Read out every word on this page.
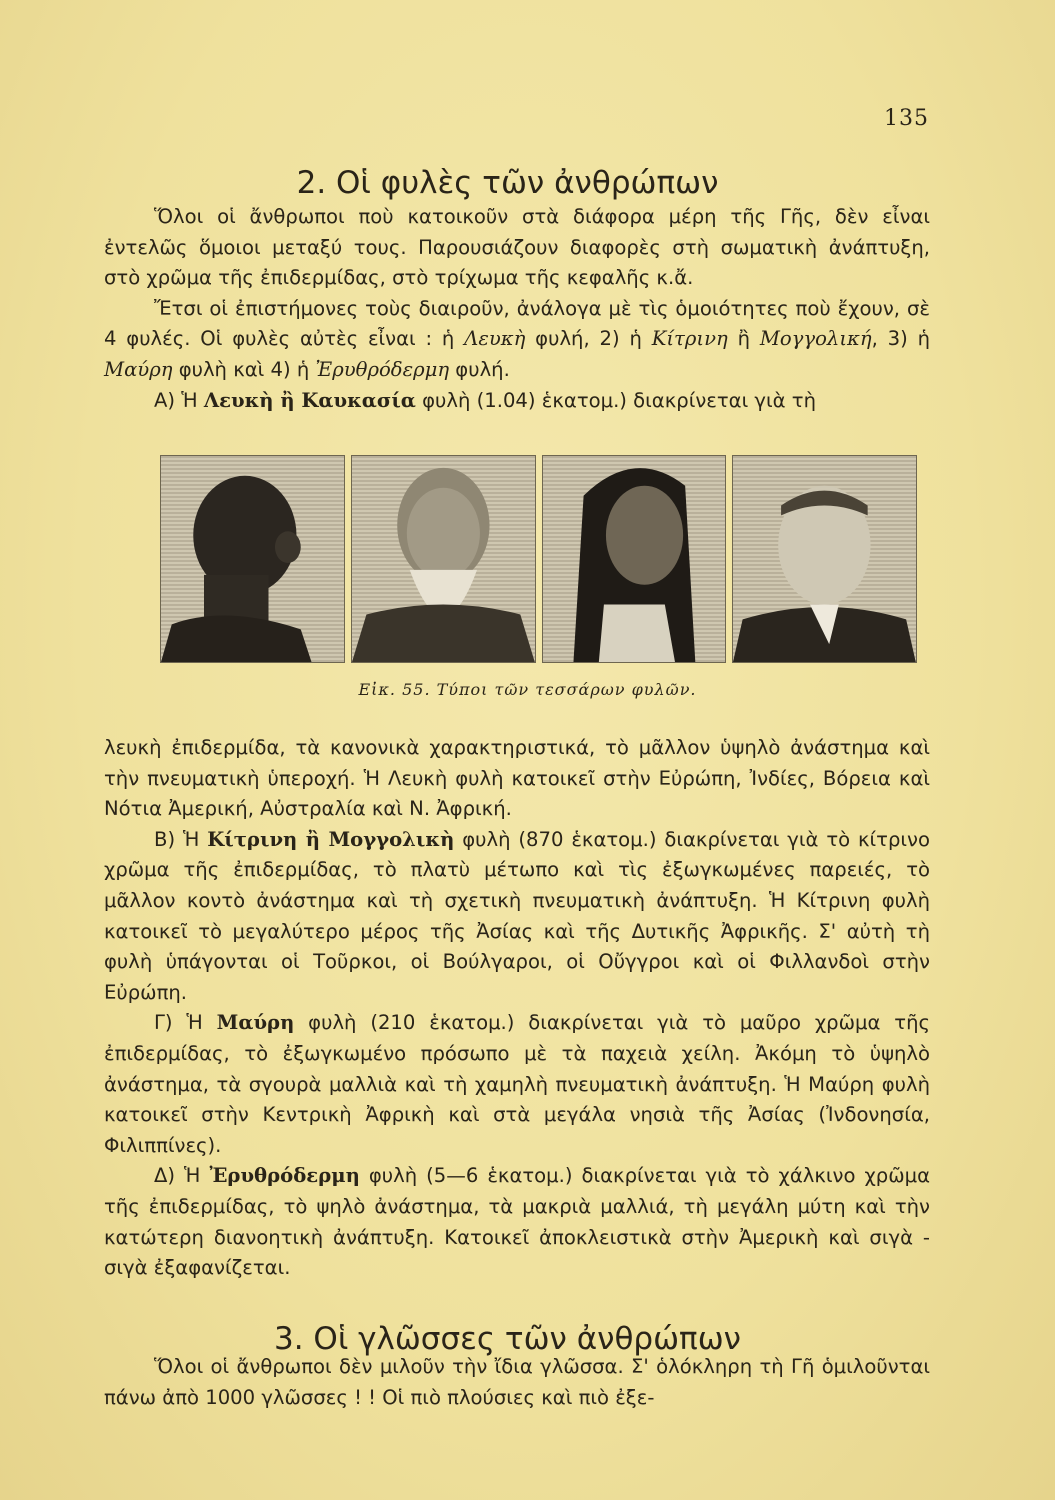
135
2. Οἱ φυλὲς τῶν ἀνθρώπων

Ὅλοι οἱ ἄνθρωποι ποὺ κατοικοῦν στὰ διάφορα μέρη τῆς Γῆς, δὲν εἶναι ἐντελῶς ὅμοιοι μεταξύ τους. Παρουσιάζουν διαφορὲς στὴ σωματικὴ ἀνάπτυξη, στὸ χρῶμα τῆς ἐπιδερμίδας, στὸ τρίχωμα τῆς κεφαλῆς κ.ἄ.

Ἔτσι οἱ ἐπιστήμονες τοὺς διαιροῦν, ἀνάλογα μὲ τὶς ὁμοιότητες ποὺ ἔχουν, σὲ 4 φυλές. Οἱ φυλὲς αὐτὲς εἶναι : ἡ Λευκὴ φυλή, 2) ἡ Κίτρινη ἢ Μογγολική, 3) ἡ Μαύρη φυλὴ καὶ 4) ἡ Ἐρυθρόδερμη φυλή.

Α) Ἡ Λευκὴ ἢ Καυκασία φυλὴ (1.04) ἑκατομ.) διακρίνεται γιὰ τὴ

Εἰκ. 55. Τύποι τῶν τεσσάρων φυλῶν.

λευκὴ ἐπιδερμίδα, τὰ κανονικὰ χαρακτηριστικά, τὸ μᾶλλον ὑψηλὸ ἀνάστημα καὶ τὴν πνευματικὴ ὑπεροχή. Ἡ Λευκὴ φυλὴ κατοικεῖ στὴν Εὐρώπη, Ἰνδίες, Βόρεια καὶ Νότια Ἀμερική, Αὐστραλία καὶ Ν. Ἀφρική.

Β) Ἡ Κίτρινη ἢ Μογγολικὴ φυλὴ (870 ἑκατομ.) διακρίνεται γιὰ τὸ κίτρινο χρῶμα τῆς ἐπιδερμίδας, τὸ πλατὺ μέτωπο καὶ τὶς ἐξωγκωμένες παρειές, τὸ μᾶλλον κοντὸ ἀνάστημα καὶ τὴ σχετικὴ πνευματικὴ ἀνάπτυξη. Ἡ Κίτρινη φυλὴ κατοικεῖ τὸ μεγαλύτερο μέρος τῆς Ἀσίας καὶ τῆς Δυτικῆς Ἀφρικῆς. Σ' αὐτὴ τὴ φυλὴ ὑπάγονται οἱ Τοῦρκοι, οἱ Βούλγαροι, οἱ Οὔγγροι καὶ οἱ Φιλλανδοὶ στὴν Εὐρώπη.

Γ) Ἡ Μαύρη φυλὴ (210 ἑκατομ.) διακρίνεται γιὰ τὸ μαῦρο χρῶμα τῆς ἐπιδερμίδας, τὸ ἐξωγκωμένο πρόσωπο μὲ τὰ παχειὰ χείλη. Ἀκόμη τὸ ὑψηλὸ ἀνάστημα, τὰ σγουρὰ μαλλιὰ καὶ τὴ χαμηλὴ πνευματικὴ ἀνάπτυξη. Ἡ Μαύρη φυλὴ κατοικεῖ στὴν Κεντρικὴ Ἀφρικὴ καὶ στὰ μεγάλα νησιὰ τῆς Ἀσίας (Ἰνδονησία, Φιλιππίνες).

Δ) Ἡ Ἐρυθρόδερμη φυλὴ (5—6 ἑκατομ.) διακρίνεται γιὰ τὸ χάλκινο χρῶμα τῆς ἐπιδερμίδας, τὸ ψηλὸ ἀνάστημα, τὰ μακριὰ μαλλιά, τὴ μεγάλη μύτη καὶ τὴν κατώτερη διανοητικὴ ἀνάπτυξη. Κατοικεῖ ἀποκλειστικὰ στὴν Ἀμερικὴ καὶ σιγὰ - σιγὰ ἐξαφανίζεται.

3. Οἱ γλῶσσες τῶν ἀνθρώπων

Ὅλοι οἱ ἄνθρωποι δὲν μιλοῦν τὴν ἴδια γλῶσσα. Σ' ὁλόκληρη τὴ Γῆ ὁμιλοῦνται πάνω ἀπὸ 1000 γλῶσσες ! ! Οἱ πιὸ πλούσιες καὶ πιὸ ἐξε-
